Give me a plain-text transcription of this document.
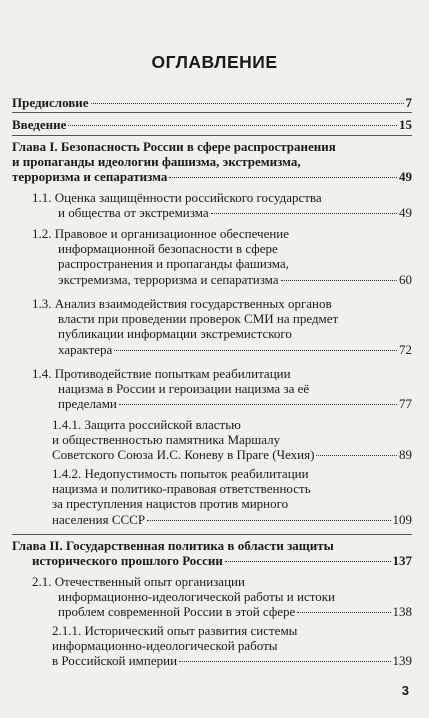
ОГЛАВЛЕНИЕ
Предисловие	7
Введение	15
Глава I. Безопасность России в сфере распространения
и пропаганды идеологии фашизма, экстремизма,
терроризма и сепаратизма	49
1.1. Оценка защищённости российского государства
и общества от экстремизма	49
1.2. Правовое и организационное обеспечение
информационной безопасности в сфере
распространения и пропаганды фашизма,
экстремизма, терроризма и сепаратизма	60
1.3. Анализ взаимодействия государственных органов
власти при проведении проверок СМИ на предмет
публикации информации экстремистского
характера	72
1.4. Противодействие попыткам реабилитации
нацизма в России и героизации нацизма за её
пределами	77
1.4.1. Защита российской властью
и общественностью памятника Маршалу
Советского Союза И.С. Коневу в Праге (Чехия)	89
1.4.2. Недопустимость попыток реабилитации
нацизма и политико-правовая ответственность
за преступления нацистов против мирного
населения СССР	109
Глава II. Государственная политика в области защиты
исторического прошлого России	137
2.1. Отечественный опыт организации
информационно-идеологической работы и истоки
проблем современной России в этой сфере	138
2.1.1. Исторический опыт развития системы
информационно-идеологической работы
в Российской империи	139
3
